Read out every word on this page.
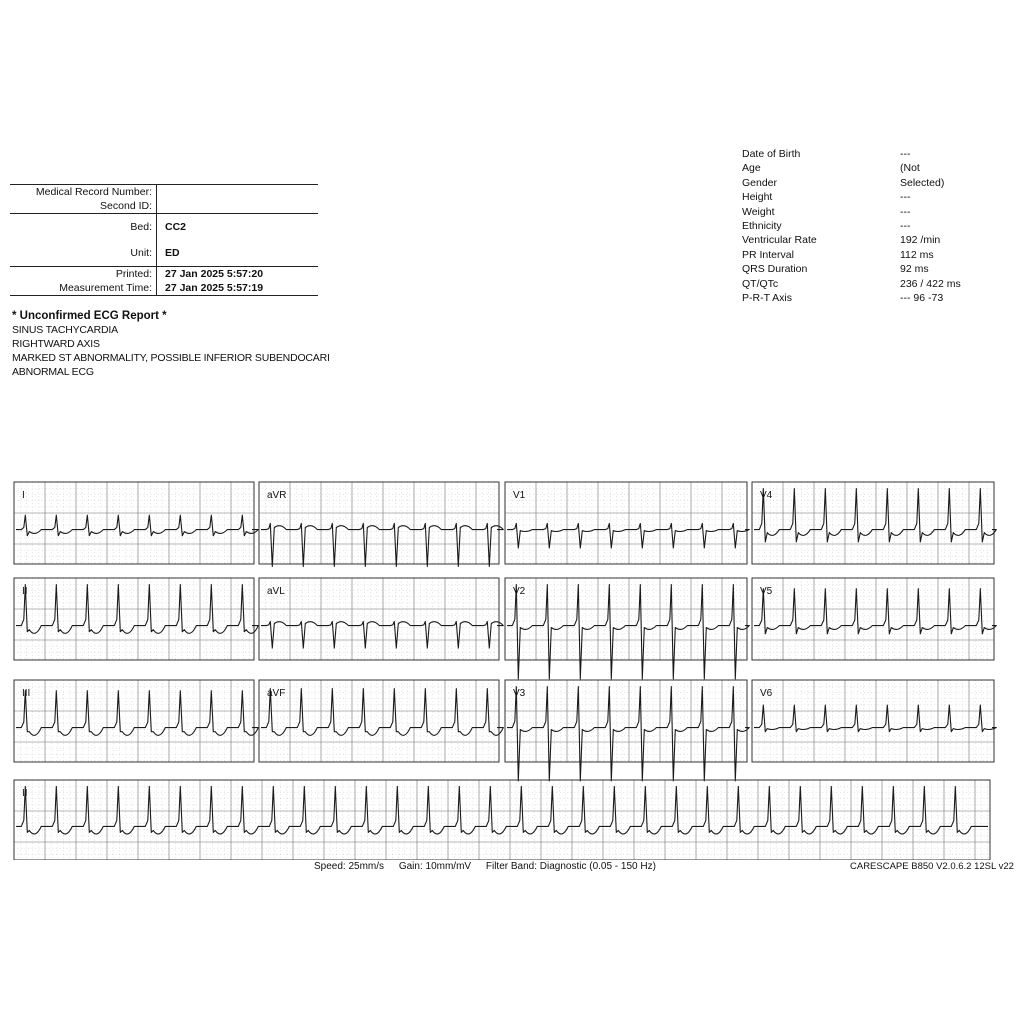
Medical Record Number:	
Second ID:	
Bed:	CC2
Unit:	ED
Printed:	27 Jan 2025 5:57:20
Measurement Time:	27 Jan 2025 5:57:19
* Unconfirmed ECG Report *
SINUS TACHYCARDIA
RIGHTWARD AXIS
MARKED ST ABNORMALITY, POSSIBLE INFERIOR SUBENDOCARI
ABNORMAL ECG
Date of Birth	---
Age	(Not
Gender	Selected)
Height	---
Weight	---
Ethnicity	---
Ventricular Rate	192 /min
PR Interval	112 ms
QRS Duration	92 ms
QT/QTc	236 / 422 ms
P-R-T Axis	--- 96 -73
I	aVR	V1	V4
II	aVL	V2	V5
III	aVF	V3	V6
II
Speed: 25mm/s Gain: 10mm/mV Filter Band: Diagnostic (0.05 - 150 Hz)	CARESCAPE B850 V2.0.6.2 12SL v22
